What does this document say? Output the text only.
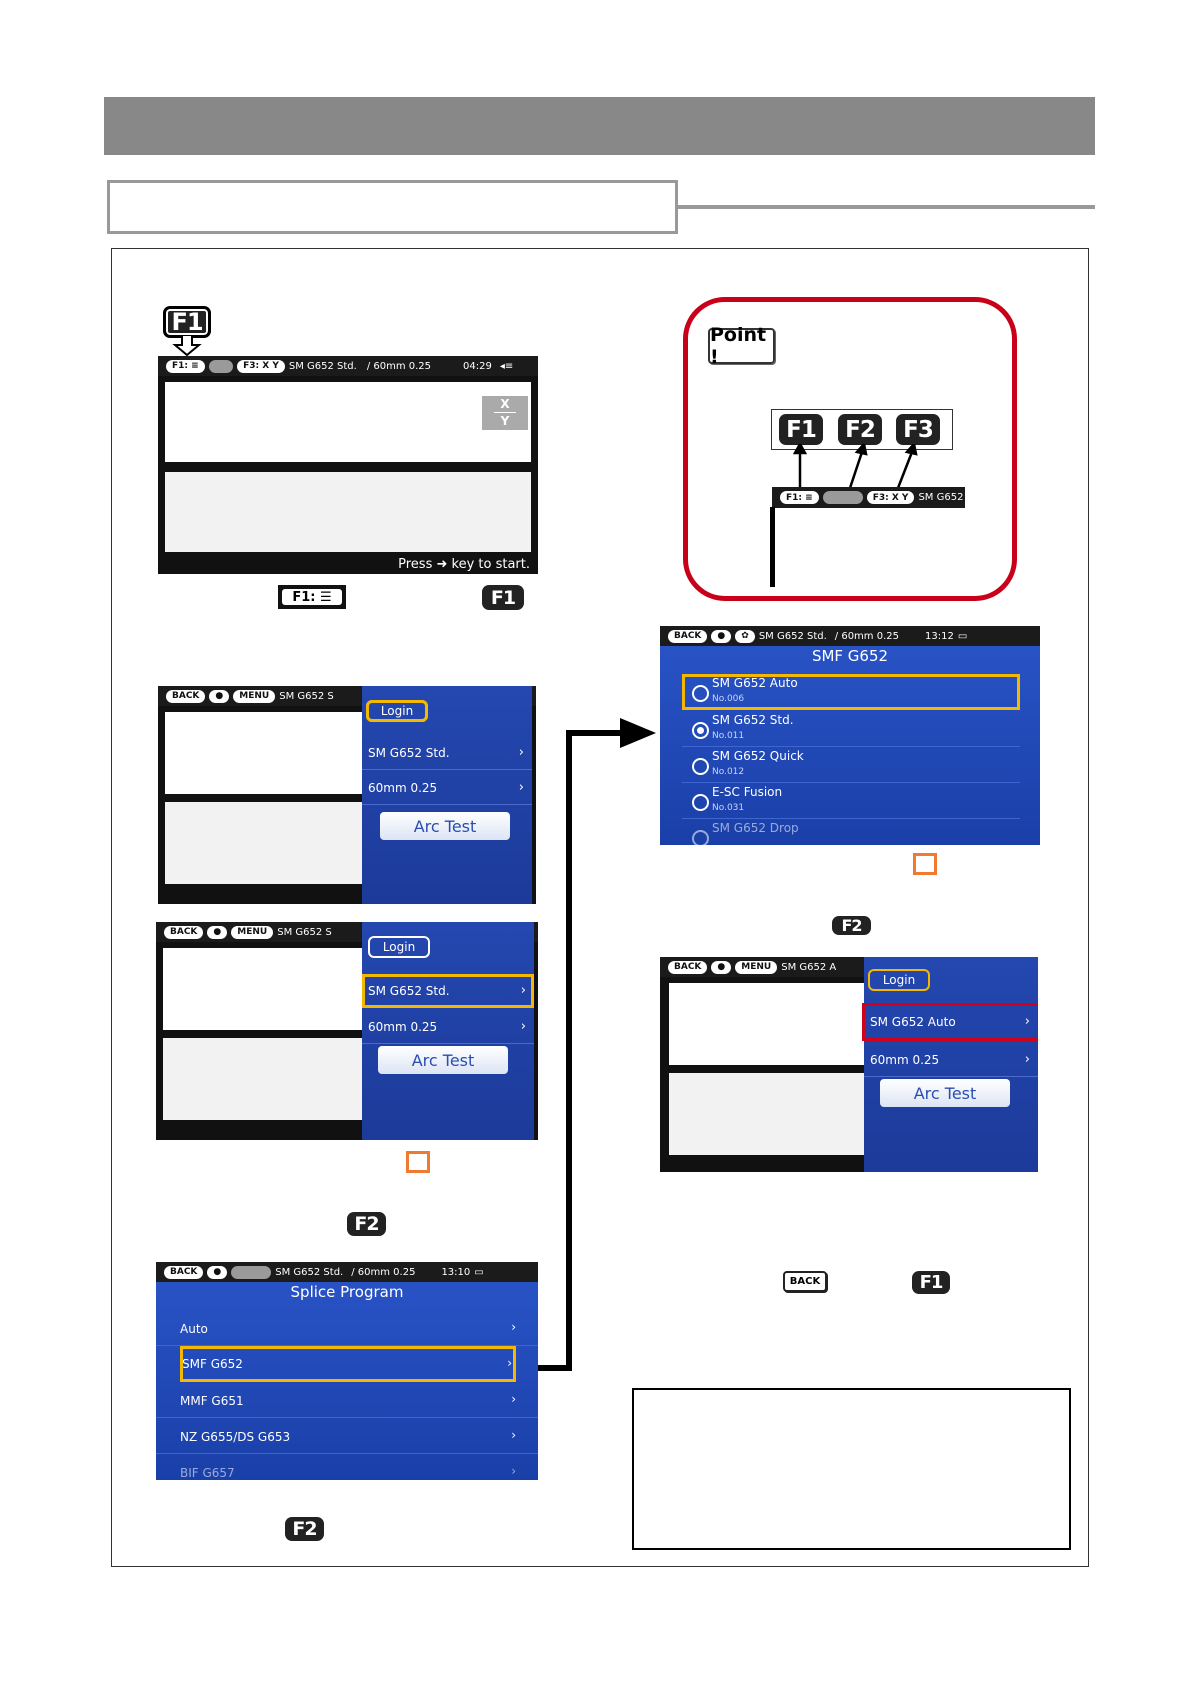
F1
F1: ≡	F2	F3: X Y	SM G652 Std. / 60mm 0.25	04:29 ◂≡
X
Y
Press ➜ key to start.
F1: ☰	F1
BACK	●	MENU	SM G652 S
Login
SM G652 Std.	›
60mm 0.25	›
Arc Test
BACK	●	MENU	SM G652 S
Login
SM G652 Std.	›
60mm 0.25	›
Arc Test
F2
BACK	●	.	SM G652 Std. / 60mm 0.25	13:10 ▭
Splice Program
Auto	›
SMF G652	›
MMF G651	›
NZ G655/DS G653	›
BIF G657	›
F2
Point !
F1	F2	F3
F1: ≡	F2	F3: X Y	SM G652
BACK	●	✿	SM G652 Std. / 60mm 0.25	13:12 ▭
SMF G652
SM G652 Auto
No.006
SM G652 Std.
No.011
SM G652 Quick
No.012
E-SC Fusion
No.031
SM G652 Drop
F2
BACK	●	MENU	SM G652 A
Login
SM G652 Auto	›
60mm 0.25	›
Arc Test
BACK	F1
